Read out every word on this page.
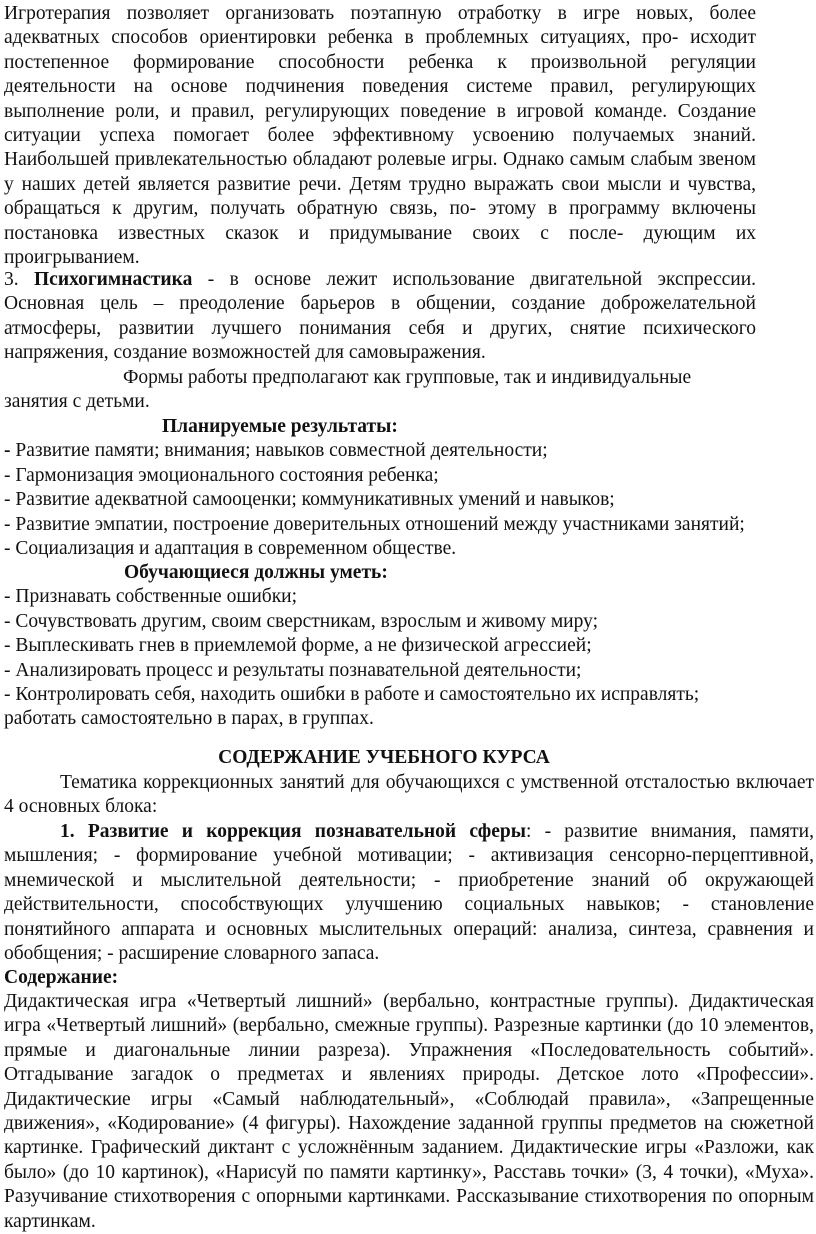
Игротерапия позволяет организовать поэтапную отработку в игре новых, более адекватных способов ориентировки ребенка в проблемных ситуациях, про- исходит постепенное формирование способности ребенка к произвольной регуляции деятельности на основе подчинения поведения системе правил, регулирующих выполнение роли, и правил, регулирующих поведение в игровой команде. Создание ситуации успеха помогает более эффективному усвоению получаемых знаний. Наибольшей привлекательностью обладают ролевые игры. Однако самым слабым звеном у наших детей является развитие речи. Детям трудно выражать свои мысли и чувства, обращаться к другим, получать обратную связь, по- этому в программу включены постановка известных сказок и придумывание своих с после- дующим их проигрыванием.

3. Психогимнастика - в основе лежит использование двигательной экспрессии. Основная цель – преодоление барьеров в общении, создание доброжелательной атмосферы, развитии лучшего понимания себя и других, снятие психического напряжения, создание возможностей для самовыражения.

Формы работы предполагают как групповые, так и индивидуальные занятия с детьми.

Планируемые результаты:

- Развитие памяти; внимания; навыков совместной деятельности;

- Гармонизация эмоционального состояния ребенка;

- Развитие адекватной самооценки; коммуникативных умений и навыков;

- Развитие эмпатии, построение доверительных отношений между участниками занятий;

- Социализация и адаптация в современном обществе.

Обучающиеся должны уметь:

- Признавать собственные ошибки;

- Сочувствовать другим, своим сверстникам, взрослым и живому миру;

- Выплескивать гнев в приемлемой форме, а не физической агрессией;

- Анализировать процесс и результаты познавательной деятельности;

- Контролировать себя, находить ошибки в работе и самостоятельно их исправлять;

работать самостоятельно в парах, в группах.

СОДЕРЖАНИЕ УЧЕБНОГО КУРСА

Тематика коррекционных занятий для обучающихся с умственной отсталостью включает 4 основных блока:

1. Развитие и коррекция познавательной сферы: - развитие внимания, памяти, мышления; - формирование учебной мотивации; - активизация сенсорно-перцептивной, мнемической и мыслительной деятельности; - приобретение знаний об окружающей действительности, способствующих улучшению социальных навыков; - становление понятийного аппарата и основных мыслительных операций: анализа, синтеза, сравнения и обобщения; - расширение словарного запаса.

Содержание:

Дидактическая игра «Четвертый лишний» (вербально, контрастные группы). Дидактическая игра «Четвертый лишний» (вербально, смежные группы). Разрезные картинки (до 10 элементов, прямые и диагональные линии разреза). Упражнения «Последовательность событий». Отгадывание загадок о предметах и явлениях природы. Детское лото «Профессии». Дидактические игры «Самый наблюдательный», «Соблюдай правила», «Запрещенные движения», «Кодирование» (4 фигуры). Нахождение заданной группы предметов на сюжетной картинке. Графический диктант с усложнённым заданием. Дидактические игры «Разложи, как было» (до 10 картинок), «Нарисуй по памяти картинку», Расставь точки» (3, 4 точки), «Муха». Разучивание стихотворения с опорными картинками. Рассказывание стихотворения по опорным картинкам.
